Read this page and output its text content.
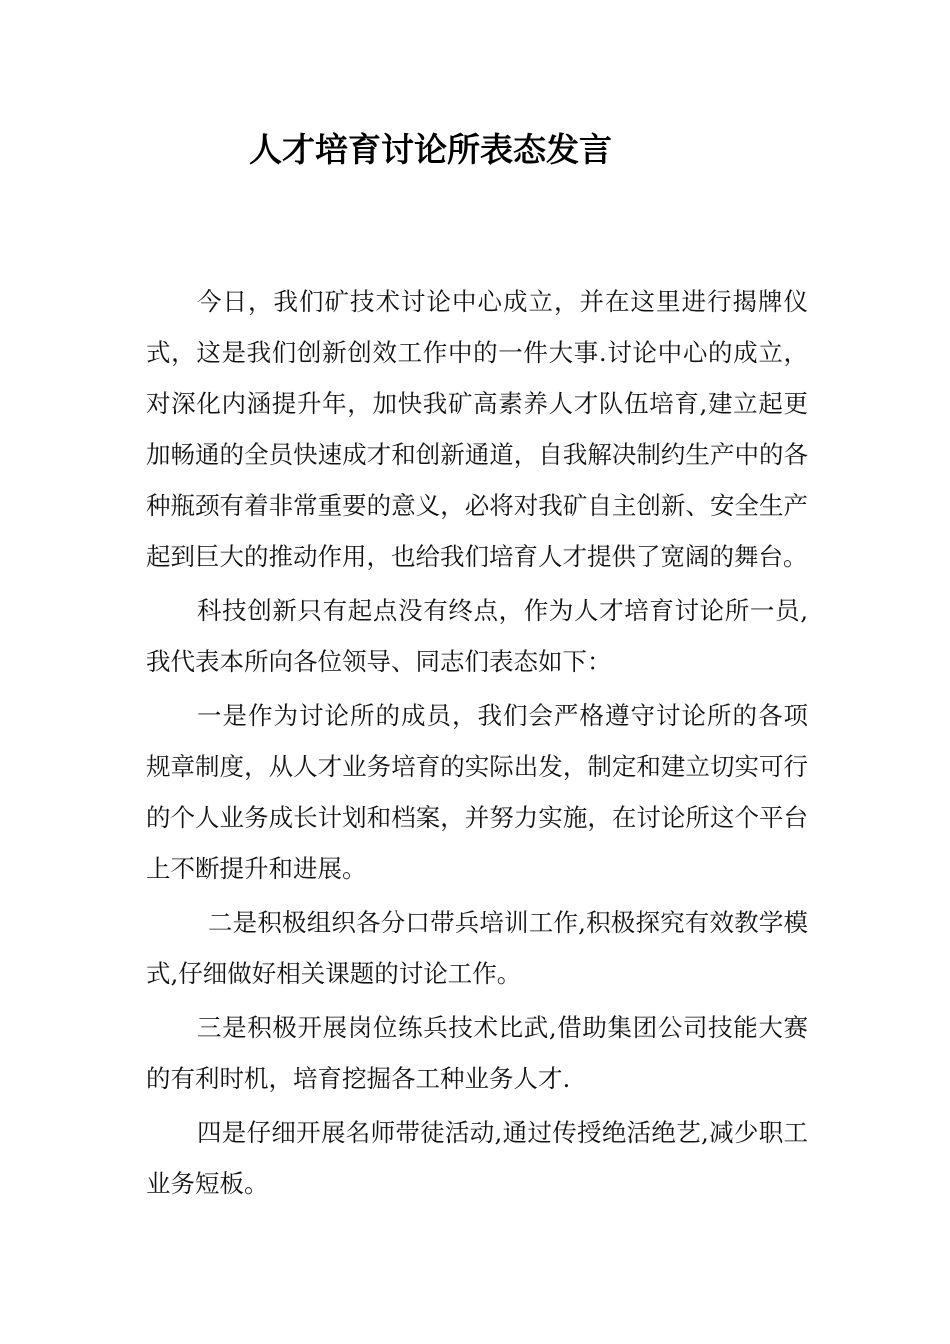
人才培育讨论所表态发言

今日，我们矿技术讨论中心成立，并在这里进行揭牌仪式，这是我们创新创效工作中的一件大事.讨论中心的成立，对深化内涵提升年，加快我矿高素养人才队伍培育,建立起更加畅通的全员快速成才和创新通道，自我解决制约生产中的各种瓶颈有着非常重要的意义，必将对我矿自主创新、安全生产起到巨大的推动作用，也给我们培育人才提供了宽阔的舞台。

科技创新只有起点没有终点，作为人才培育讨论所一员,我代表本所向各位领导、同志们表态如下：

一是作为讨论所的成员，我们会严格遵守讨论所的各项规章制度，从人才业务培育的实际出发，制定和建立切实可行的个人业务成长计划和档案，并努力实施，在讨论所这个平台上不断提升和进展。

二是积极组织各分口带兵培训工作,积极探究有效教学模式,仔细做好相关课题的讨论工作。

三是积极开展岗位练兵技术比武,借助集团公司技能大赛的有利时机，培育挖掘各工种业务人才.

四是仔细开展名师带徒活动,通过传授绝活绝艺,减少职工业务短板。
